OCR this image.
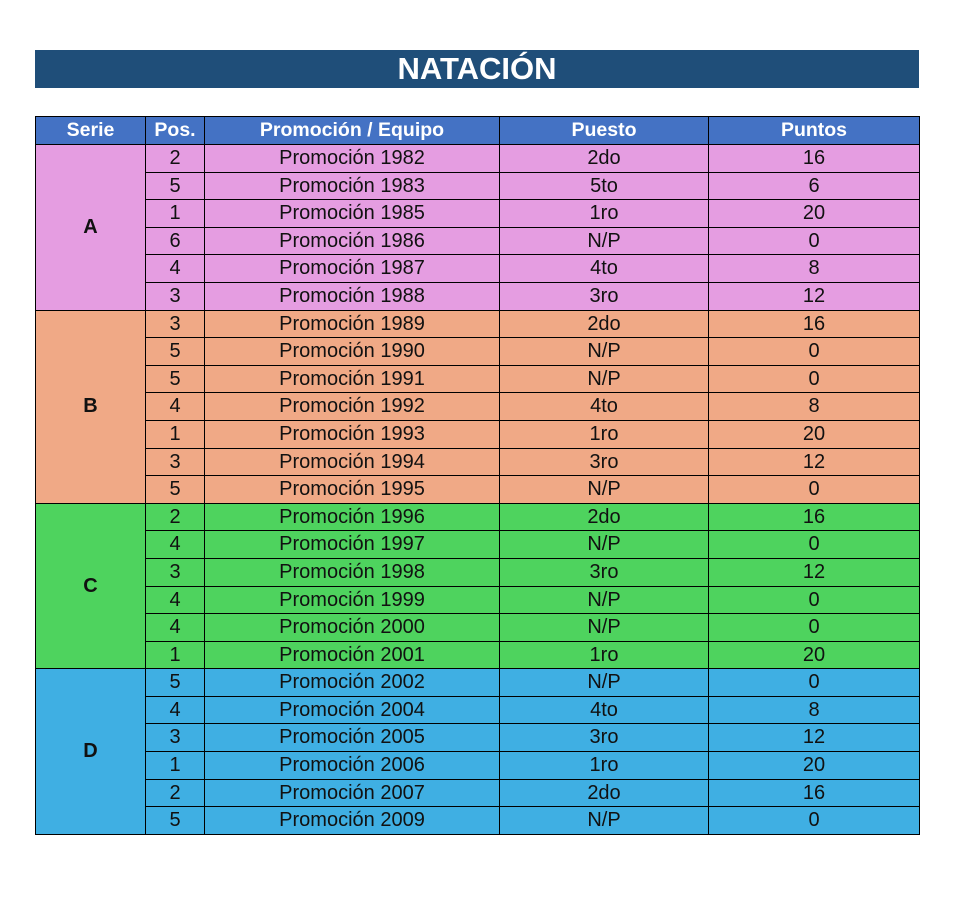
NATACIÓN
Serie	Pos.	Promoción / Equipo	Puesto	Puntos
A	2	Promoción 1982	2do	16
	5	Promoción 1983	5to	6
	1	Promoción 1985	1ro	20
	6	Promoción 1986	N/P	0
	4	Promoción 1987	4to	8
	3	Promoción 1988	3ro	12
B	3	Promoción 1989	2do	16
	5	Promoción 1990	N/P	0
	5	Promoción 1991	N/P	0
	4	Promoción 1992	4to	8
	1	Promoción 1993	1ro	20
	3	Promoción 1994	3ro	12
	5	Promoción 1995	N/P	0
C	2	Promoción 1996	2do	16
	4	Promoción 1997	N/P	0
	3	Promoción 1998	3ro	12
	4	Promoción 1999	N/P	0
	4	Promoción 2000	N/P	0
	1	Promoción 2001	1ro	20
D	5	Promoción 2002	N/P	0
	4	Promoción 2004	4to	8
	3	Promoción 2005	3ro	12
	1	Promoción 2006	1ro	20
	2	Promoción 2007	2do	16
	5	Promoción 2009	N/P	0
